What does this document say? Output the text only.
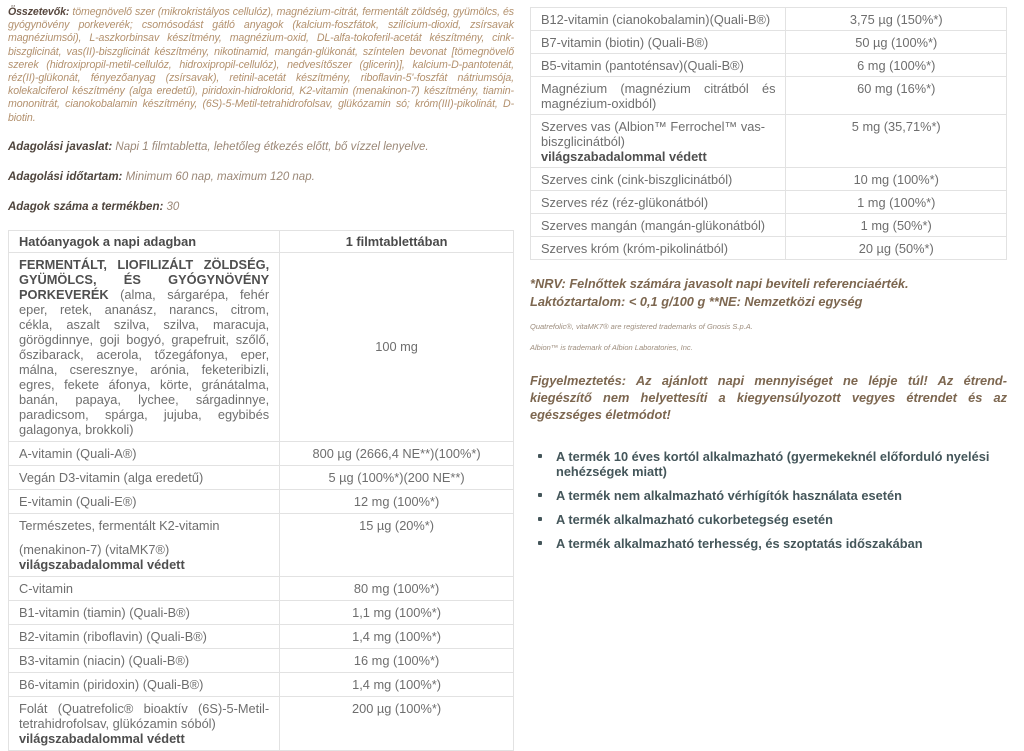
Összetevők: tömegnövelő szer (mikrokristályos cellulóz), magnézium-citrát, fermentált zöldség, gyümölcs, és gyógynövény porkeverék; csomósodást gátló anyagok (kalcium-foszfátok, szilícium-dioxid, zsírsavak magnéziumsói), L-aszkorbinsav készítmény, magnézium-oxid, DL-alfa-tokoferil-acetát készítmény, cink-biszglicinát, vas(II)-biszglicinát készítmény, nikotinamid, mangán-glükonát, színtelen bevonat [tömegnövelő szerek (hidroxipropil-metil-cellulóz, hidroxipropil-cellulóz), nedvesítőszer (glicerin)], kalcium-D-pantotenát, réz(II)-glükonát, fényezőanyag (zsírsavak), retinil-acetát készítmény, riboflavin-5'-foszfát nátriumsója, kolekalciferol készítmény (alga eredetű), piridoxin-hidroklorid, K2-vitamin (menakinon-7) készítmény, tiamin-mononitrát, cianokobalamin készítmény, (6S)-5-Metil-tetrahidrofolsav, glükózamin só; króm(III)-pikolinát, D-biotin.

Adagolási javaslat: Napi 1 filmtabletta, lehetőleg étkezés előtt, bő vízzel lenyelve.

Adagolási időtartam: Minimum 60 nap, maximum 120 nap.

Adagok száma a termékben: 30

Hatóanyagok a napi adagban	1 filmtablettában
FERMENTÁLT, LIOFILIZÁLT ZÖLDSÉG, GYÜMÖLCS, ÉS GYÓGYNÖVÉNY PORKEVERÉK (alma, sárgarépa, fehér eper, retek, ananász, narancs, citrom, cékla, aszalt szilva, szilva, maracuja, görögdinnye, goji bogyó, grapefruit, szőlő, őszibarack, acerola, tőzegáfonya, eper, málna, cseresznye, arónia, feketeribizli, egres, fekete áfonya, körte, gránátalma, banán, papaya, lychee, sárgadinnye, paradicsom, spárga, jujuba, egybibés galagonya, brokkoli)	100 mg
A-vitamin (Quali-A®)	800 µg (2666,4 NE**)(100%*)
Vegán D3-vitamin (alga eredetű)	5 µg (100%*)(200 NE**)
E-vitamin (Quali-E®)	12 mg (100%*)
Természetes, fermentált K2-vitamin
(menakinon-7) (vitaMK7®) világszabadalommal védett	15 µg (20%*)
C-vitamin	80 mg (100%*)
B1-vitamin (tiamin) (Quali-B®)	1,1 mg (100%*)
B2-vitamin (riboflavin) (Quali-B®)	1,4 mg (100%*)
B3-vitamin (niacin) (Quali-B®)	16 mg (100%*)
B6-vitamin (piridoxin) (Quali-B®)	1,4 mg (100%*)
Folát (Quatrefolic® bioaktív (6S)-5-Metil-tetrahidrofolsav, glükózamin sóból)
világszabadalommal védett	200 µg (100%*)
B12-vitamin (cianokobalamin)(Quali-B®)	3,75 µg (150%*)
B7-vitamin (biotin) (Quali-B®)	50 µg (100%*)
B5-vitamin (pantoténsav)(Quali-B®)	6 mg (100%*)
Magnézium (magnézium citrátból és magnézium-oxidból)	60 mg (16%*)
Szerves vas (Albion™ Ferrochel™ vas-biszglicinátból)
világszabadalommal védett	5 mg (35,71%*)
Szerves cink (cink-biszglicinátból)	10 mg (100%*)
Szerves réz (réz-glükonátból)	1 mg (100%*)
Szerves mangán (mangán-glükonátból)	1 mg (50%*)
Szerves króm (króm-pikolinátból)	20 µg (50%*)

*NRV: Felnőttek számára javasolt napi beviteli referenciaérték.

Laktóztartalom: < 0,1 g/100 g **NE: Nemzetközi egység

Quatrefolic®, vitaMK7® are registered trademarks of Gnosis S.p.A.

Albion™ is trademark of Albion Laboratories, Inc.

Figyelmeztetés: Az ajánlott napi mennyiséget ne lépje túl! Az étrend-kiegészítő nem helyettesíti a kiegyensúlyozott vegyes étrendet és az egészséges életmódot!

A termék 10 éves kortól alkalmazható (gyermekeknél előforduló nyelési nehézségek miatt)
A termék nem alkalmazható vérhígítók használata esetén
A termék alkalmazható cukorbetegség esetén
A termék alkalmazható terhesség, és szoptatás időszakában
